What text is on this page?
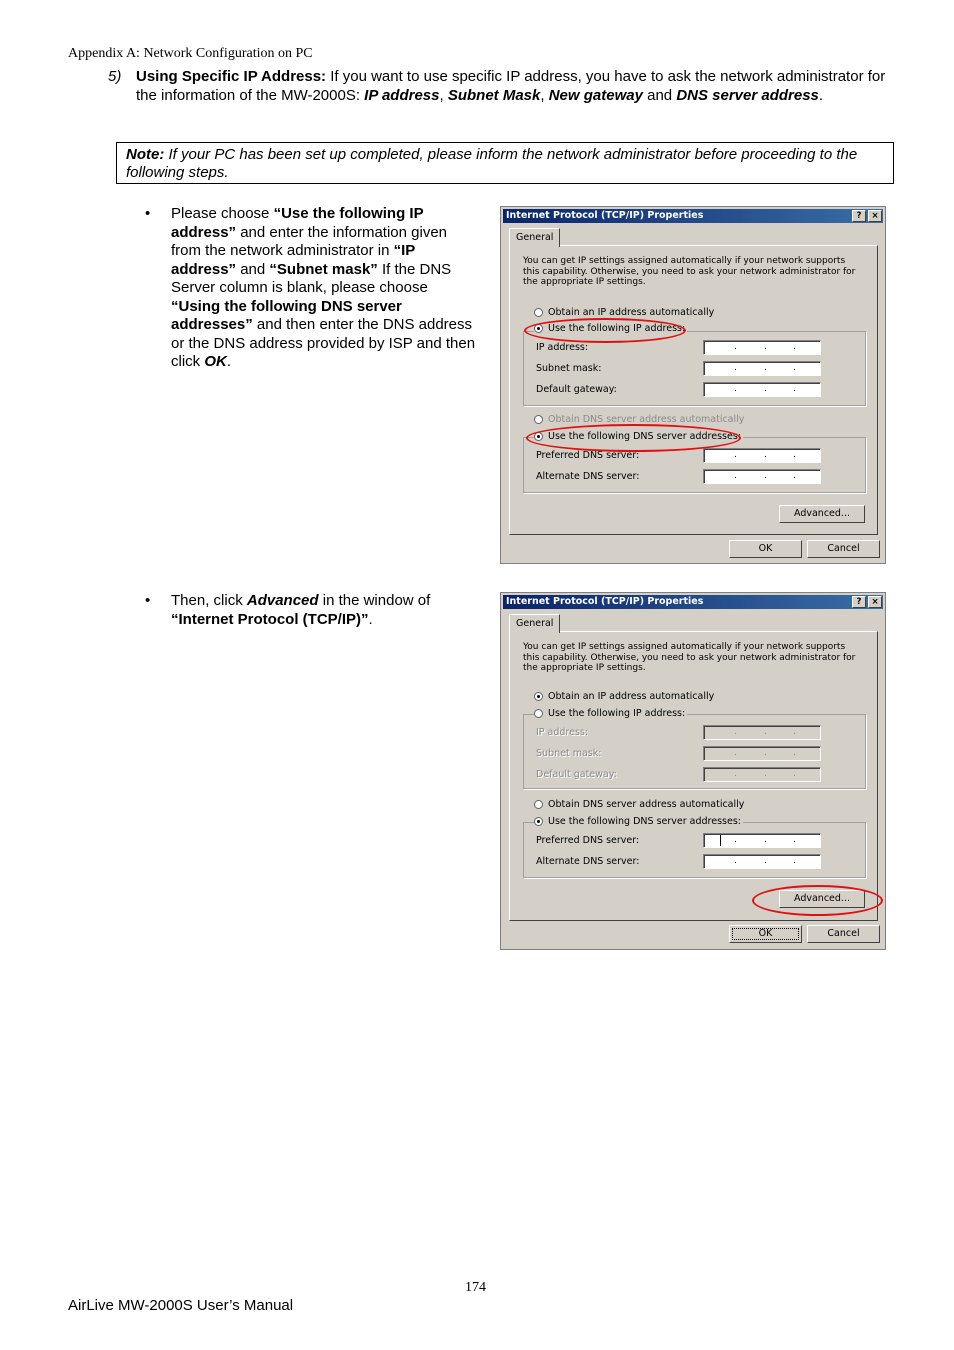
Appendix A: Network Configuration on PC
5) Using Specific IP Address: If you want to use specific IP address, you have to ask the network administrator for the information of the MW-2000S: IP address, Subnet Mask, New gateway and DNS server address.
Note: If your PC has been set up completed, please inform the network administrator before proceeding to the following steps.
• Please choose “Use the following IP address” and enter the information given from the network administrator in “IP address” and “Subnet mask” If the DNS Server column is blank, please choose “Using the following DNS server addresses” and then enter the DNS address or the DNS address provided by ISP and then click OK.
• Then, click Advanced in the window of “Internet Protocol (TCP/IP)”.
Internet Protocol (TCP/IP) Properties	?	×
General
You can get IP settings assigned automatically if your network supports this capability. Otherwise, you need to ask your network administrator for the appropriate IP settings.
Obtain an IP address automatically
Use the following IP address:
IP address:	.	.	.
Subnet mask:	.	.	.
Default gateway:	.	.	.
Obtain DNS server address automatically
Use the following DNS server addresses:
Preferred DNS server:	.	.	.
Alternate DNS server:	.	.	.
Advanced...
OK	Cancel
Internet Protocol (TCP/IP) Properties	?	×
General
You can get IP settings assigned automatically if your network supports this capability. Otherwise, you need to ask your network administrator for the appropriate IP settings.
Obtain an IP address automatically
Use the following IP address:
IP address:	.	.	.
Subnet mask:	.	.	.
Default gateway:	.	.	.
Obtain DNS server address automatically
Use the following DNS server addresses:
Preferred DNS server:	.	.	.
Alternate DNS server:	.	.	.
Advanced...
OK	Cancel
174
AirLive MW-2000S User’s Manual
